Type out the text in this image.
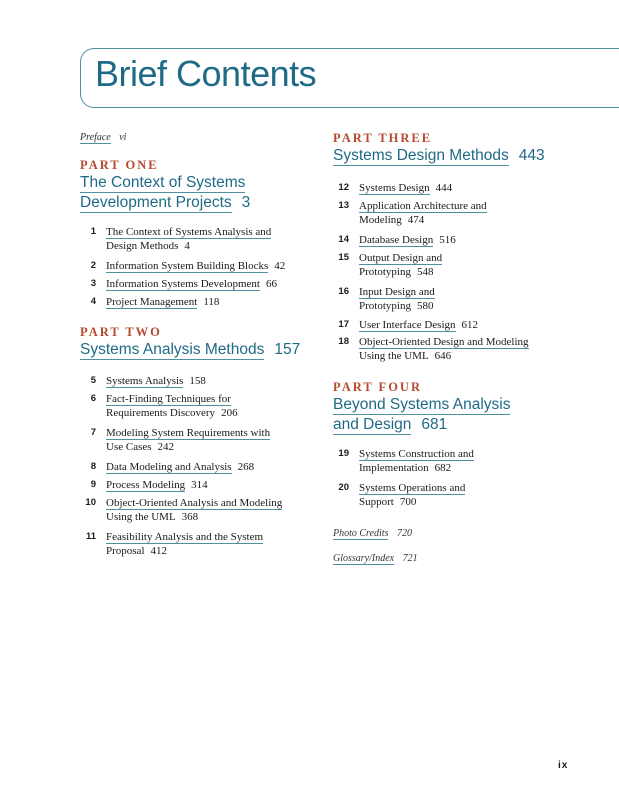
Brief Contents
Preface vi
PART ONE
The Context of Systems
Development Projects 3
1 The Context of Systems Analysis and
Design Methods 4
2 Information System Building Blocks 42
3 Information Systems Development 66
4 Project Management 118
PART TWO
Systems Analysis Methods 157
5 Systems Analysis 158
6 Fact-Finding Techniques for
Requirements Discovery 206
7 Modeling System Requirements with
Use Cases 242
8 Data Modeling and Analysis 268
9 Process Modeling 314
10 Object-Oriented Analysis and Modeling
Using the UML 368
11 Feasibility Analysis and the System
Proposal 412
PART THREE
Systems Design Methods 443
12 Systems Design 444
13 Application Architecture and
Modeling 474
14 Database Design 516
15 Output Design and
Prototyping 548
16 Input Design and
Prototyping 580
17 User Interface Design 612
18 Object-Oriented Design and Modeling
Using the UML 646
PART FOUR
Beyond Systems Analysis
and Design 681
19 Systems Construction and
Implementation 682
20 Systems Operations and
Support 700
Photo Credits 720
Glossary/Index 721
ix
